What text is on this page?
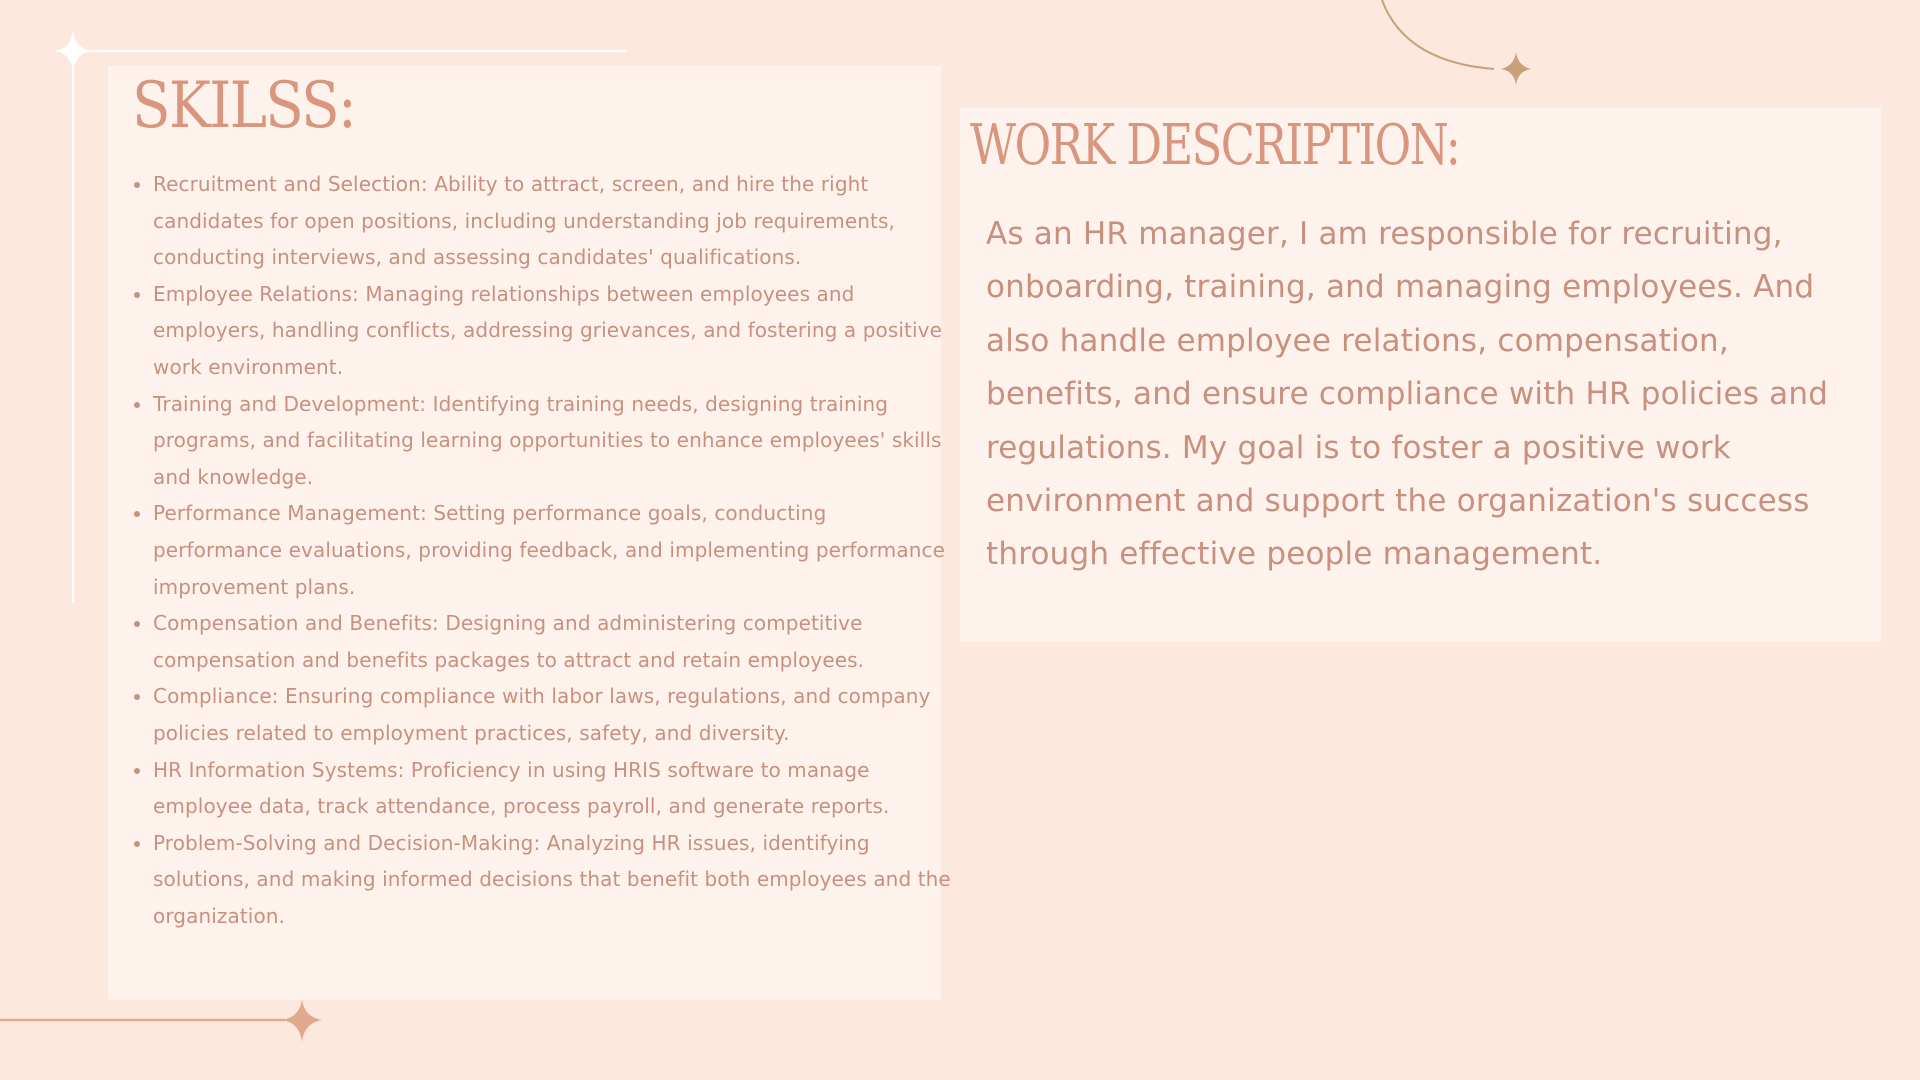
SKILSS:
• Recruitment and Selection: Ability to attract, screen, and hire the right candidates for open positions, including understanding job requirements, conducting interviews, and assessing candidates' qualifications.
• Employee Relations: Managing relationships between employees and employers, handling conflicts, addressing grievances, and fostering a positive work environment.
• Training and Development: Identifying training needs, designing training programs, and facilitating learning opportunities to enhance employees' skills and knowledge.
• Performance Management: Setting performance goals, conducting performance evaluations, providing feedback, and implementing performance improvement plans.
• Compensation and Benefits: Designing and administering competitive compensation and benefits packages to attract and retain employees.
• Compliance: Ensuring compliance with labor laws, regulations, and company policies related to employment practices, safety, and diversity.
• HR Information Systems: Proficiency in using HRIS software to manage employee data, track attendance, process payroll, and generate reports.
• Problem-Solving and Decision-Making: Analyzing HR issues, identifying solutions, and making informed decisions that benefit both employees and the organization.
WORK DESCRIPTION:

As an HR manager, I am responsible for recruiting, onboarding, training, and managing employees. And also handle employee relations, compensation, benefits, and ensure compliance with HR policies and regulations. My goal is to foster a positive work environment and support the organization's success through effective people management.
